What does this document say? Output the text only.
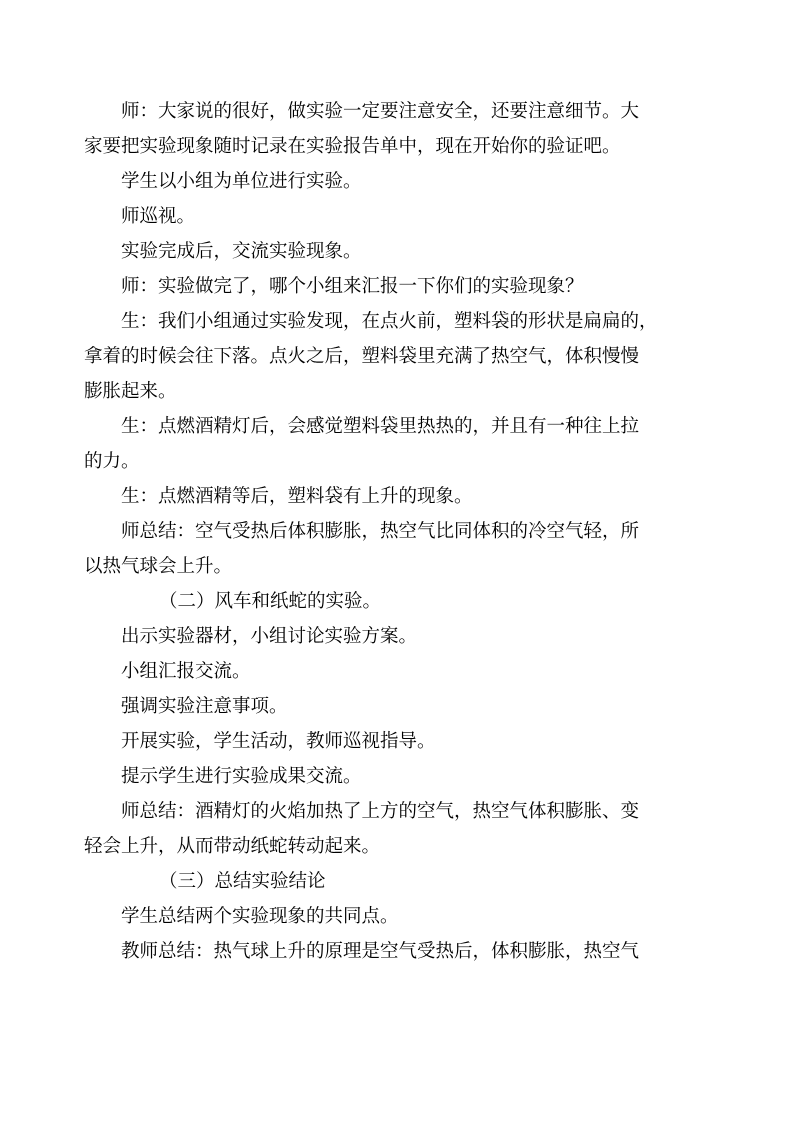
师：大家说的很好，做实验一定要注意安全，还要注意细节。大
家要把实验现象随时记录在实验报告单中，现在开始你的验证吧。

学生以小组为单位进行实验。

师巡视。

实验完成后，交流实验现象。

师：实验做完了，哪个小组来汇报一下你们的实验现象？

生：我们小组通过实验发现，在点火前，塑料袋的形状是扁扁的，
拿着的时候会往下落。点火之后，塑料袋里充满了热空气，体积慢慢
膨胀起来。

生：点燃酒精灯后，会感觉塑料袋里热热的，并且有一种往上拉
的力。

生：点燃酒精等后，塑料袋有上升的现象。

师总结：空气受热后体积膨胀，热空气比同体积的冷空气轻，所
以热气球会上升。

（二）风车和纸蛇的实验。

出示实验器材，小组讨论实验方案。

小组汇报交流。

强调实验注意事项。

开展实验，学生活动，教师巡视指导。

提示学生进行实验成果交流。

师总结：酒精灯的火焰加热了上方的空气，热空气体积膨胀、变
轻会上升，从而带动纸蛇转动起来。

（三）总结实验结论

学生总结两个实验现象的共同点。

教师总结：热气球上升的原理是空气受热后，体积膨胀，热空气
